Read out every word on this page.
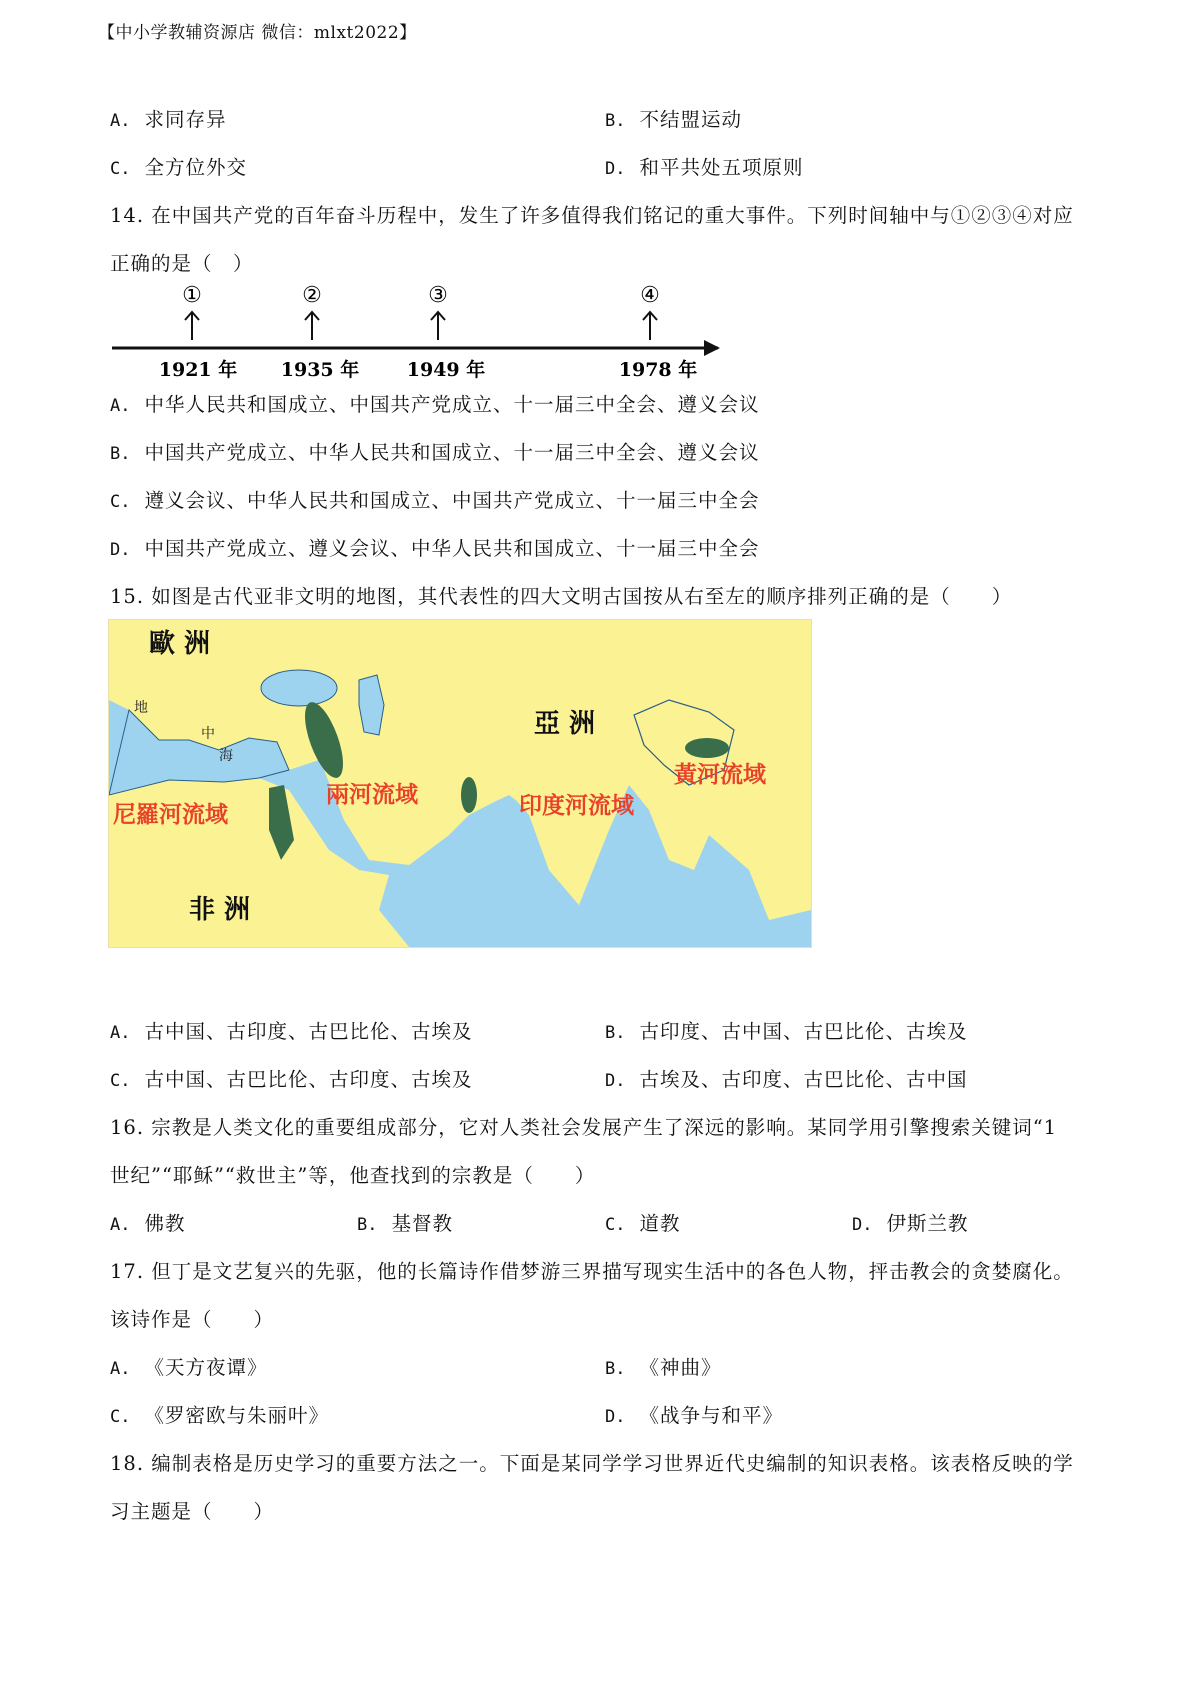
【中小学教辅资源店 微信：mlxt2022】
A. 求同存异	B. 不结盟运动
C. 全方位外交	D. 和平共处五项原则
14. 在中国共产党的百年奋斗历程中，发生了许多值得我们铭记的重大事件。下列时间轴中与①②③④对应
正确的是（　）
①
1921 年
②
1935 年
③
1949 年
④
1978 年
A. 中华人民共和国成立、中国共产党成立、十一届三中全会、遵义会议
B. 中国共产党成立、中华人民共和国成立、十一届三中全会、遵义会议
C. 遵义会议、中华人民共和国成立、中国共产党成立、十一届三中全会
D. 中国共产党成立、遵义会议、中华人民共和国成立、十一届三中全会
15. 如图是古代亚非文明的地图，其代表性的四大文明古国按从右至左的顺序排列正确的是（　　）
歐 洲
亞 洲
非 洲
地
中
海
尼羅河流域
兩河流域	印度河流域
黃河流域
A. 古中国、古印度、古巴比伦、古埃及	B. 古印度、古中国、古巴比伦、古埃及
C. 古中国、古巴比伦、古印度、古埃及	D. 古埃及、古印度、古巴比伦、古中国
16. 宗教是人类文化的重要组成部分，它对人类社会发展产生了深远的影响。某同学用引擎搜索关键词“1
世纪”“耶稣”“救世主”等，他查找到的宗教是（　　）
A. 佛教	B. 基督教	C. 道教	D. 伊斯兰教
17. 但丁是文艺复兴的先驱，他的长篇诗作借梦游三界描写现实生活中的各色人物，抨击教会的贪婪腐化。
该诗作是（　　）
A. 《天方夜谭》	B. 《神曲》
C. 《罗密欧与朱丽叶》	D. 《战争与和平》
18. 编制表格是历史学习的重要方法之一。下面是某同学学习世界近代史编制的知识表格。该表格反映的学
习主题是（　　）
